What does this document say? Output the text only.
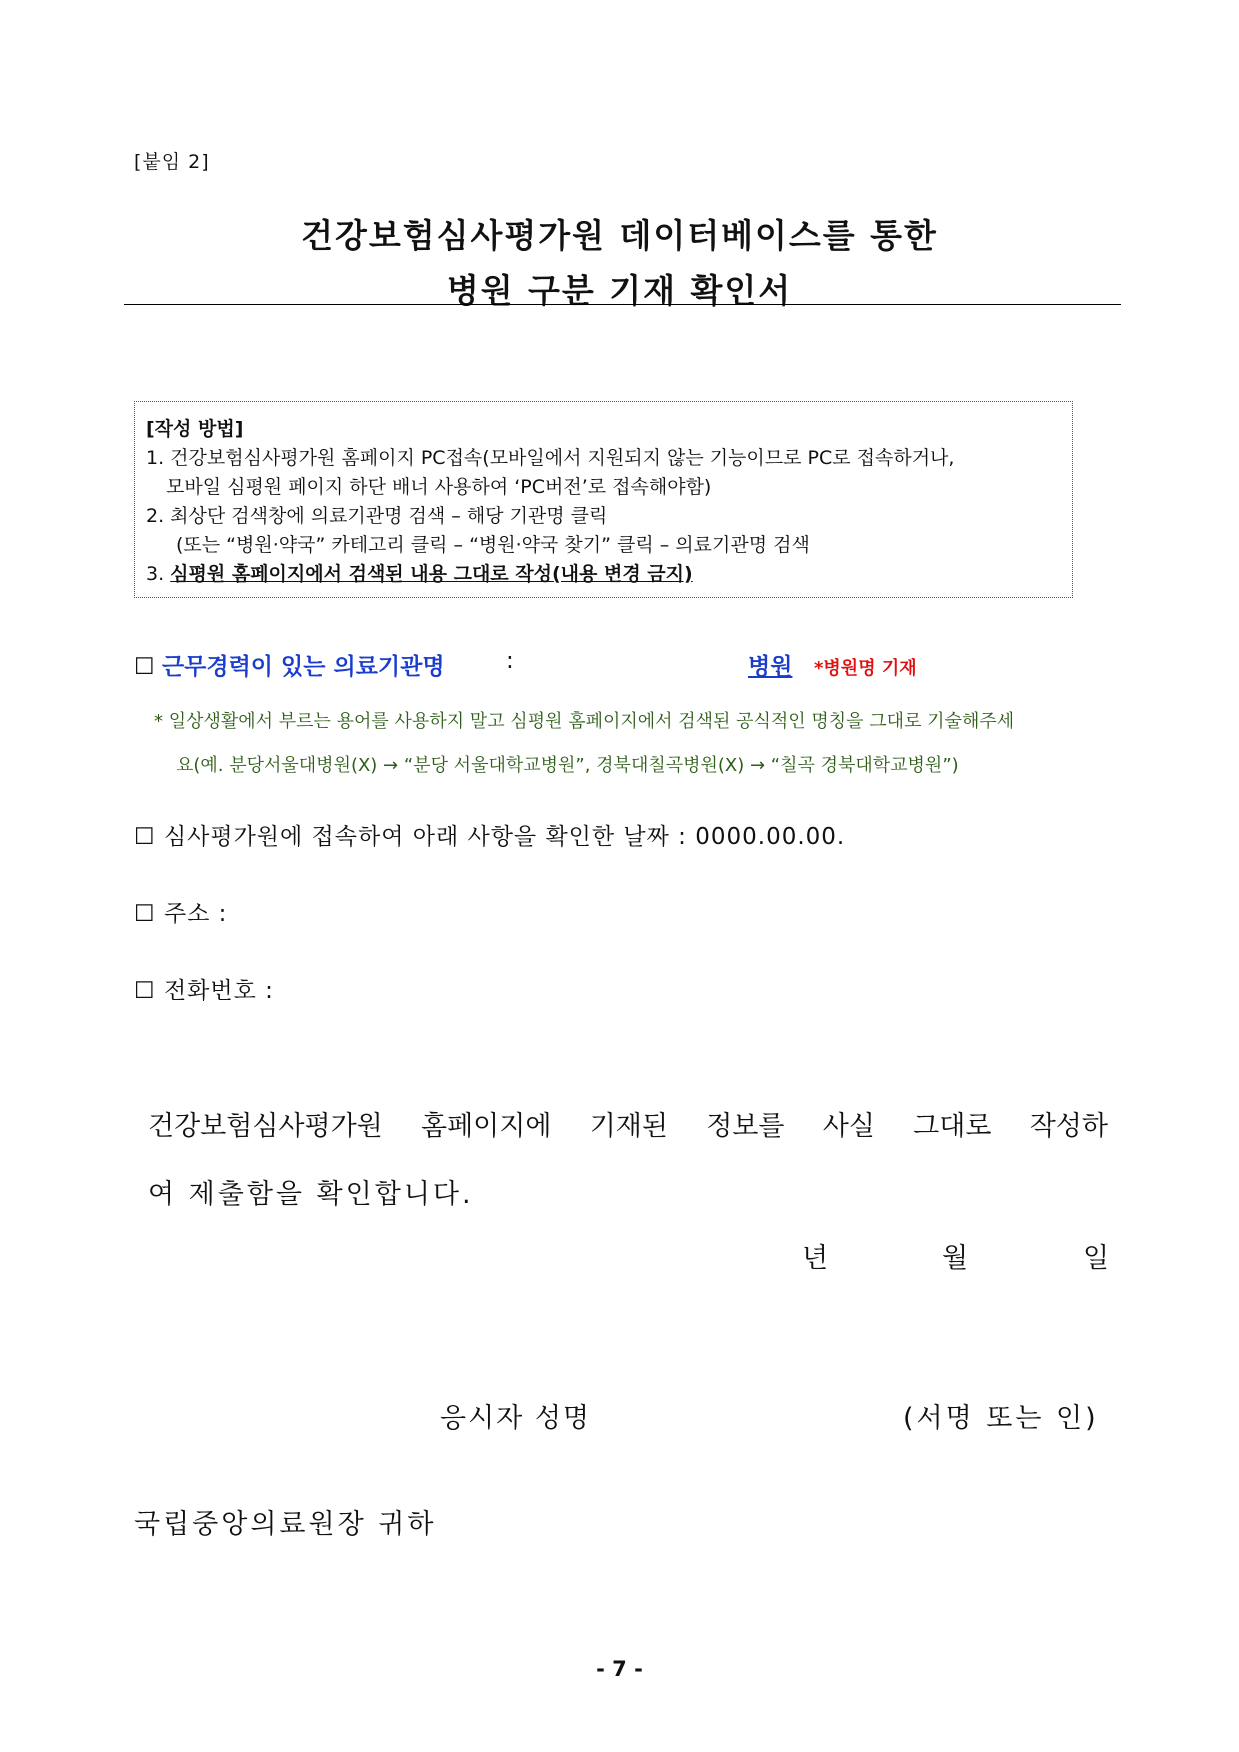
[붙임 2]
건강보험심사평가원 데이터베이스를 통한
병원 구분 기재 확인서
[작성 방법]
1. 건강보험심사평가원 홈페이지 PC접속(모바일에서 지원되지 않는 기능이므로 PC로 접속하거나,
모바일 심평원 페이지 하단 배너 사용하여 ‘PC버전’로 접속해야함)
2. 최상단 검색창에 의료기관명 검색 – 해당 기관명 클릭
(또는 “병원·약국” 카테고리 클릭 – “병원·약국 찾기” 클릭 – 의료기관명 검색
3. 심평원 홈페이지에서 검색된 내용 그대로 작성(내용 변경 금지)
☐ 근무경력이 있는 의료기관명	:	병원 *병원명 기재
* 일상생활에서 부르는 용어를 사용하지 말고 심평원 홈페이지에서 검색된 공식적인 명칭을 그대로 기술해주세
요(예. 분당서울대병원(X) → “분당 서울대학교병원”, 경북대칠곡병원(X) → “칠곡 경북대학교병원”)
☐ 심사평가원에 접속하여 아래 사항을 확인한 날짜 : 0000.00.00.
☐ 주소 :
☐ 전화번호 :
건강보험심사평가원 홈페이지에 기재된 정보를 사실 그대로 작성하
여 제출함을 확인합니다.
년	월	일
응시자 성명	(서명 또는 인)
국립중앙의료원장 귀하
- 7 -
